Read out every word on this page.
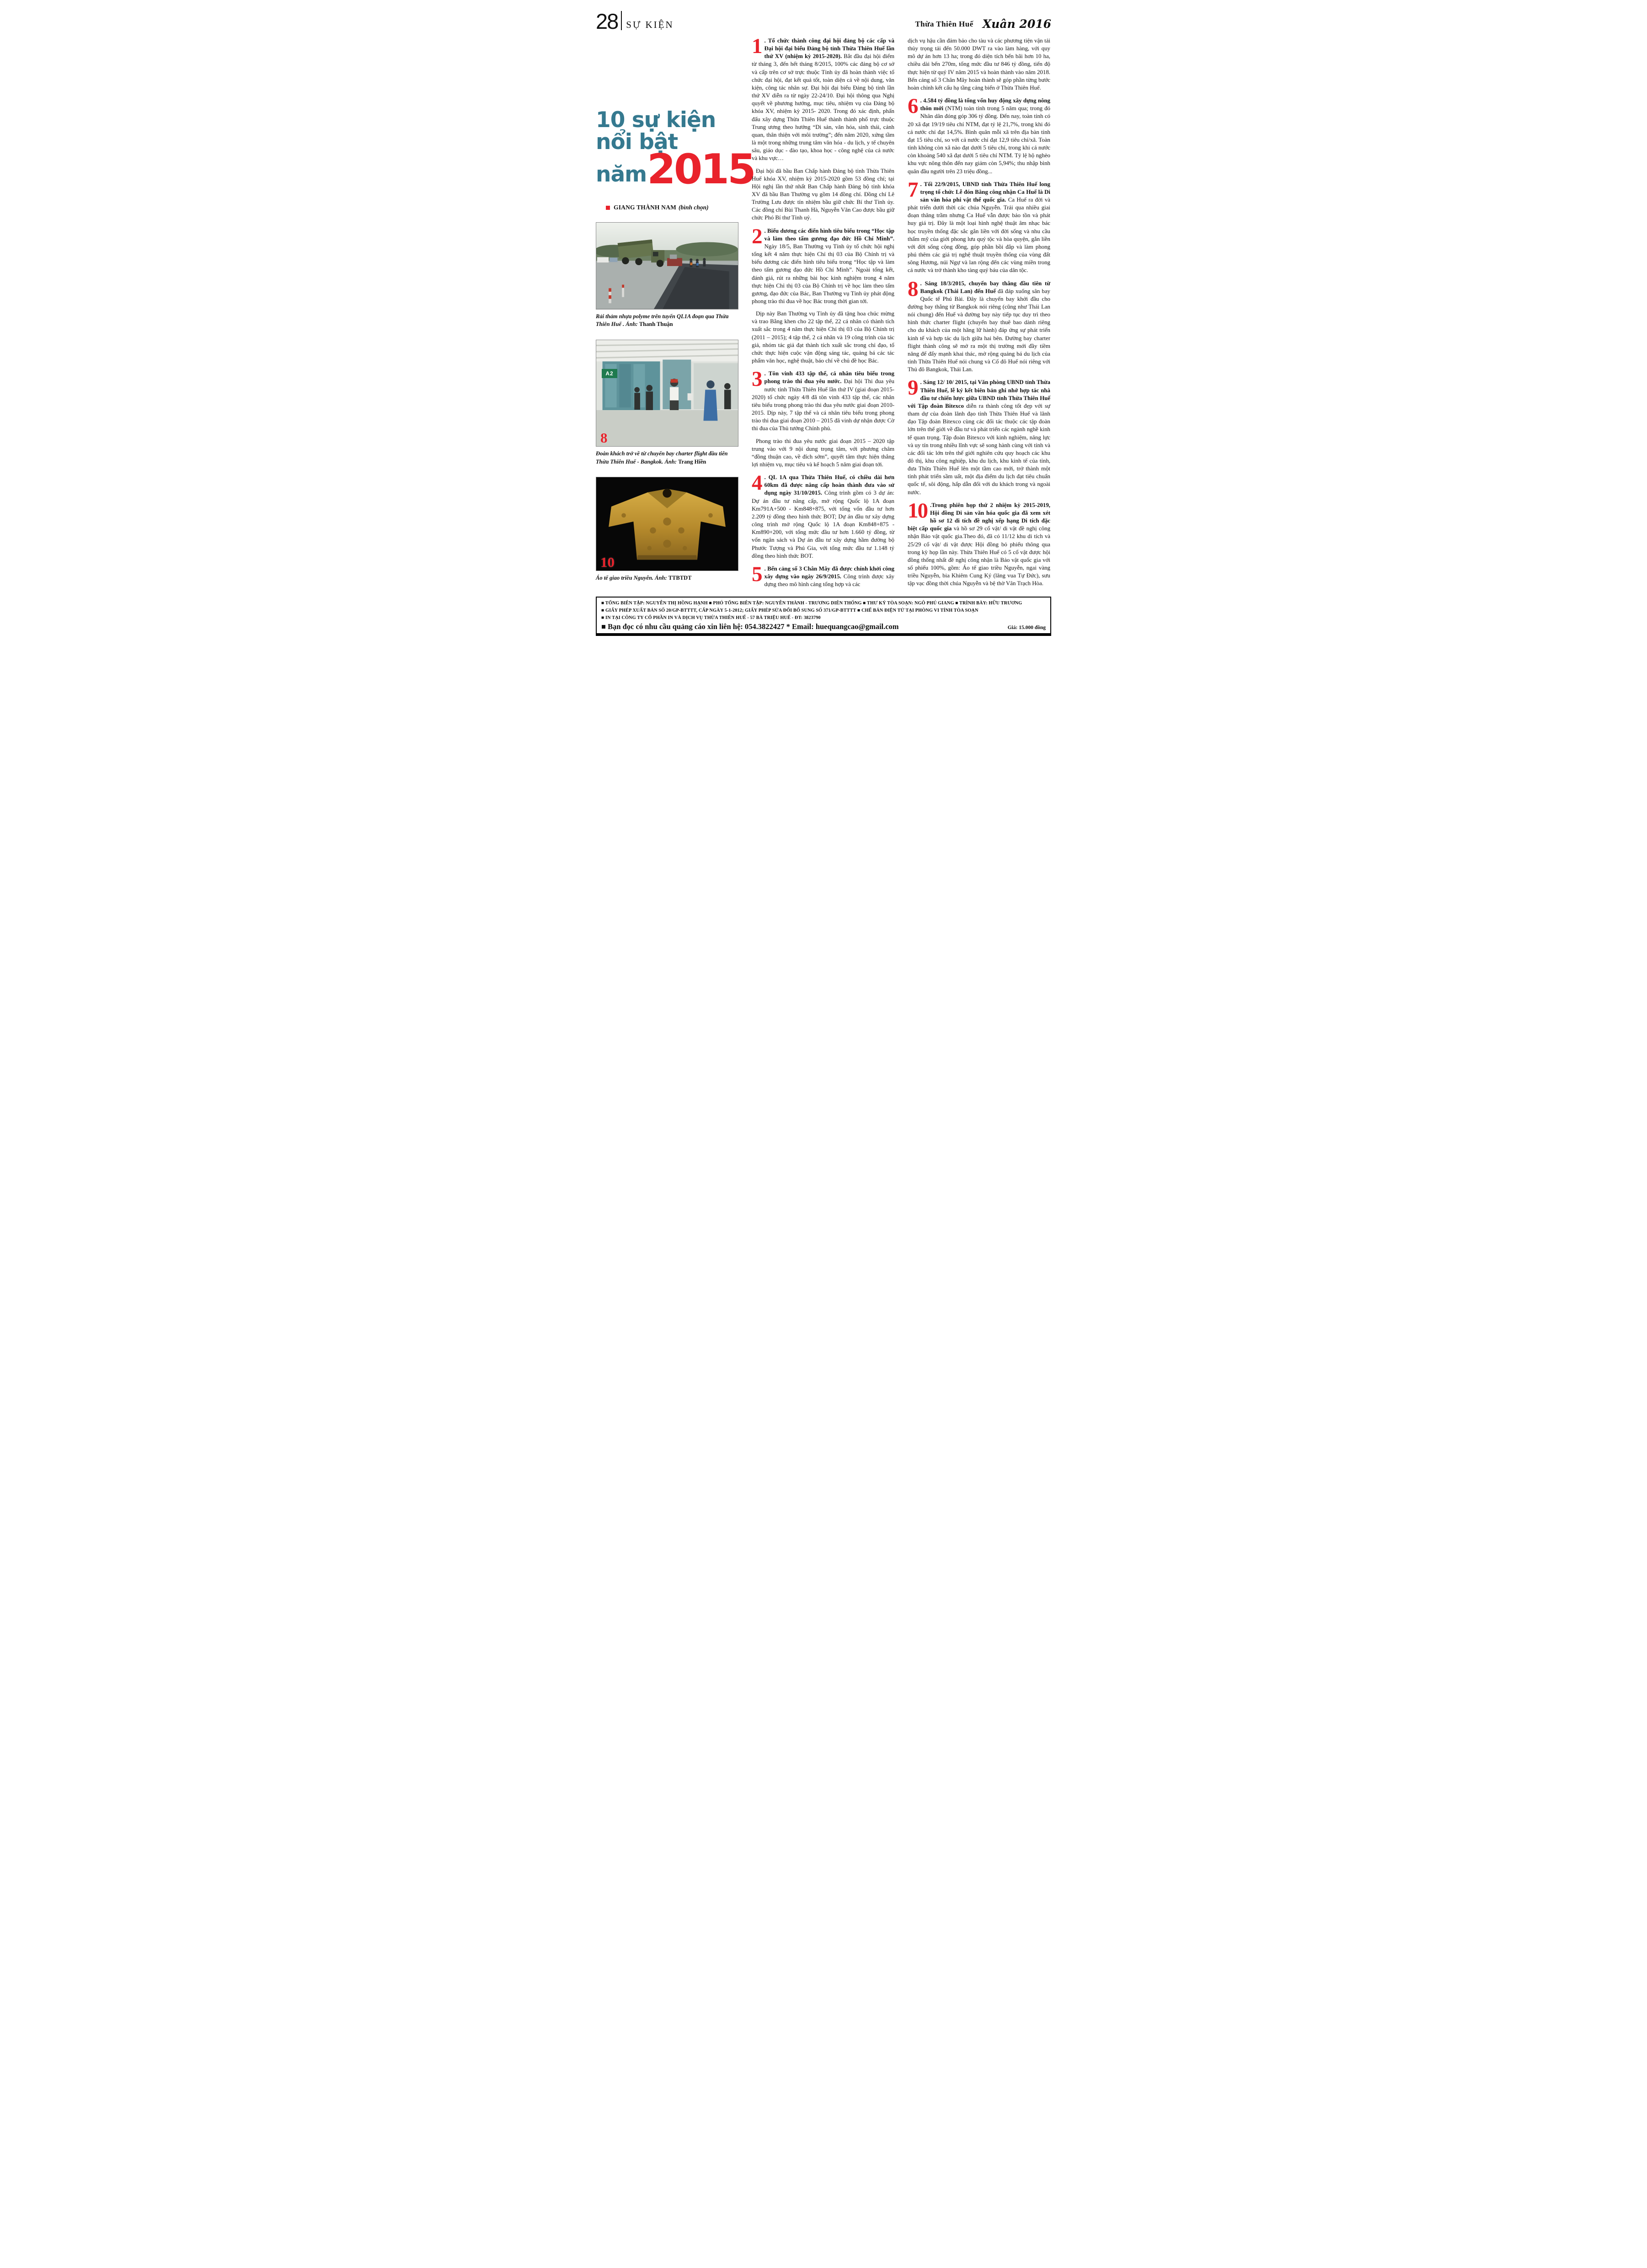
28 SỰ KIỆN	Thừa Thiên Huế Xuân 2016
10 sự kiện
nổi bật
năm 2015
GIANG THÀNH NAM (bình chọn)
Rải thảm nhựa polyme trên tuyến QL1A đoạn qua Thừa Thiên Huế . Ảnh: Thanh Thuận
A2
8
Đoàn khách trở về từ chuyến bay charter flight đầu tiên Thừa Thiên Huế - Bangkok. Ảnh: Trang Hiền
10
Áo tế giao triều Nguyễn. Ảnh: TTBTDT

1 . Tổ chức thành công đại hội đảng bộ các cấp và Đại hội đại biểu Đảng bộ tỉnh Thừa Thiên Huế lần thứ XV (nhiệm kỳ 2015-2020). Bắt đầu đại hội điểm từ tháng 3, đến hết tháng 8/2015, 100% các đảng bộ cơ sở và cấp trên cơ sở trực thuộc Tỉnh ủy đã hoàn thành việc tổ chức đại hội, đạt kết quả tốt, toàn diện cả về nội dung, văn kiện, công tác nhân sự. Đại hội đại biểu Đảng bộ tỉnh lần thứ XV diễn ra từ ngày 22-24/10. Đại hội thông qua Nghị quyết về phương hướng, mục tiêu, nhiệm vụ của Đảng bộ khóa XV, nhiệm kỳ 2015- 2020. Trong đó xác định, phấn đấu xây dựng Thừa Thiên Huế thành thành phố trực thuộc Trung ương theo hướng “Di sản, văn hóa, sinh thái, cảnh quan, thân thiện với môi trường”; đến năm 2020, xứng tầm là một trong những trung tâm văn hóa - du lịch, y tế chuyên sâu, giáo dục - đào tạo, khoa học - công nghệ của cả nước và khu vực…

Đại hội đã bầu Ban Chấp hành Đảng bộ tỉnh Thừa Thiên Huế khóa XV, nhiệm kỳ 2015-2020 gồm 53 đồng chí; tại Hội nghị lần thứ nhất Ban Chấp hành Đảng bộ tỉnh khóa XV đã bầu Ban Thường vụ gồm 14 đồng chí. Đồng chí Lê Trường Lưu được tín nhiệm bầu giữ chức Bí thư Tỉnh ủy. Các đồng chí Bùi Thanh Hà, Nguyễn Văn Cao được bầu giữ chức Phó Bí thư Tỉnh uỷ.

2 . Biểu dương các điển hình tiêu biểu trong “Học tập và làm theo tấm gương đạo đức Hồ Chí Minh”. Ngày 18/5, Ban Thường vụ Tỉnh ủy tổ chức hội nghị tổng kết 4 năm thực hiện Chỉ thị 03 của Bộ Chính trị và biểu dương các điển hình tiêu biểu trong “Học tập và làm theo tấm gương đạo đức Hồ Chí Minh”. Ngoài tổng kết, đánh giá, rút ra những bài học kinh nghiệm trong 4 năm thực hiện Chỉ thị 03 của Bộ Chính trị về học làm theo tấm gương, đạo đức của Bác, Ban Thường vụ Tỉnh ủy phát động phong trào thi đua về học Bác trong thời gian tới.

Dịp này Ban Thường vụ Tỉnh ủy đã tặng hoa chúc mừng và trao Bằng khen cho 22 tập thể, 22 cá nhân có thành tích xuất sắc trong 4 năm thực hiện Chỉ thị 03 của Bộ Chính trị (2011 – 2015); 4 tập thể, 2 cá nhân và 19 công trình của tác giả, nhóm tác giả đạt thành tích xuất sắc trong chỉ đạo, tổ chức thực hiện cuộc vận động sáng tác, quảng bá các tác phẩm văn học, nghệ thuật, báo chí về chủ đề học Bác.

3 . Tôn vinh 433 tập thể, cá nhân tiêu biểu trong phong trào thi đua yêu nước. Đại hội Thi đua yêu nước tỉnh Thừa Thiên Huế lần thứ IV (giai đoạn 2015-2020) tổ chức ngày 4/8 đã tôn vinh 433 tập thể, các nhân tiêu biểu trong phong trào thi đua yêu nước giai đoạn 2010-2015. Dịp này, 7 tập thể và cá nhân tiêu biểu trong phong trào thi đua giai đoạn 2010 – 2015 đã vinh dự nhận được Cờ thi đua của Thủ tướng Chính phủ.

Phong trào thi đua yêu nước giai đoạn 2015 – 2020 tập trung vào với 9 nội dung trọng tâm, với phương châm “đồng thuận cao, về đích sớm”, quyết tâm thực hiện thắng lợi nhiệm vụ, mục tiêu và kế hoạch 5 năm giai đoạn tới.

4 . QL 1A qua Thừa Thiên Huế, có chiều dài hơn 60km đã được nâng cấp hoàn thành đưa vào sử dụng ngày 31/10/2015. Công trình gồm có 3 dự án: Dự án đầu tư nâng cấp, mở rộng Quốc lộ 1A đoạn Km791A+500 - Km848+875, với tổng vốn đầu tư hơn 2.209 tỷ đồng theo hình thức BOT; Dự án đầu tư xây dựng công trình mở rộng Quốc lộ 1A đoạn Km848+875 - Km890+200, với tổng mức đầu tư hơn 1.660 tỷ đồng, từ vốn ngân sách và Dự án đầu tư xây dựng hầm đường bộ Phước Tượng và Phú Gia, với tổng mức đầu tư 1.148 tỷ đồng theo hình thức BOT.

5 . Bến cảng số 3 Chân Mây đã được chính khởi công xây dựng vào ngày 26/9/2015. Công trình được xây dựng theo mô hình cảng tổng hợp và các

dịch vụ hậu cần đảm bảo cho tàu và các phương tiện vận tải thủy trọng tải đến 50.000 DWT ra vào làm hàng, với quy mô dự án hơn 13 ha; trong đó diện tích bến bãi hơn 10 ha, chiều dài bến 270m, tổng mức đầu tư 846 tỷ đồng, tiến độ thực hiện từ quý IV năm 2015 và hoàn thành vào năm 2018. Bến cảng số 3 Chân Mây hoàn thành sẽ góp phần từng bước hoàn chỉnh kết cấu hạ tầng cảng biển ở Thừa Thiên Huế.

6 . 4.584 tỷ đồng là tổng vốn huy động xây dựng nông thôn mới (NTM) toàn tỉnh trong 5 năm qua; trong đó Nhân dân đóng góp 306 tỷ đồng. Đến nay, toàn tỉnh có 20 xã đạt 19/19 tiêu chí NTM, đạt tỷ lệ 21,7%, trong khi đó cả nước chỉ đạt 14,5%. Bình quân mỗi xã trên địa bàn tỉnh đạt 15 tiêu chí, so với cả nước chỉ đạt 12,9 tiêu chí/xã. Toàn tỉnh không còn xã nào đạt dưới 5 tiêu chí, trong khi cả nước còn khoảng 540 xã đạt dưới 5 tiêu chí NTM. Tỷ lệ hộ nghèo khu vực nông thôn đến nay giảm còn 5,94%; thu nhập bình quân đầu người trên 23 triệu đồng...

7 . Tối 22/9/2015, UBND tỉnh Thừa Thiên Huế long trọng tổ chức Lễ đón Bằng công nhận Ca Huế là Di sản văn hóa phi vật thể quốc gia. Ca Huế ra đời và phát triển dưới thời các chúa Nguyễn. Trải qua nhiều giai đoạn thăng trầm nhưng Ca Huế vẫn được bảo tồn và phát huy giá trị. Đây là một loại hình nghệ thuật âm nhạc bác học truyền thống đặc sắc gắn liền với đời sống và nhu cầu thẩm mỹ của giới phong lưu quý tộc và hòa quyện, gắn liền với đời sống cộng đồng, góp phần bồi đắp và làm phong phú thêm các giá trị nghệ thuật truyền thống của vùng đất sông Hương, núi Ngự và lan rộng đến các vùng miền trong cả nước và trở thành kho tàng quý báu của dân tộc.

8 . Sáng 18/3/2015, chuyến bay thẳng đầu tiên từ Bangkok (Thái Lan) đến Huế đã đáp xuống sân bay Quốc tế Phú Bài. Đây là chuyến bay khởi đầu cho đường bay thẳng từ Bangkok nói riêng (cũng như Thái Lan nói chung) đến Huế và đường bay này tiếp tục duy trì theo hình thức charter flight (chuyến bay thuê bao dành riêng cho du khách của một hãng lữ hành) đáp ứng sự phát triển kinh tế và hợp tác du lịch giữa hai bên. Đường bay charter flight thành công sẽ mở ra một thị trường mới đầy tiềm năng để đẩy mạnh khai thác, mở rộng quảng bá du lịch của tỉnh Thừa Thiên Huế nói chung và Cố đô Huế nói riêng với Thủ đô Bangkok, Thái Lan.

9 . Sáng 12/ 10/ 2015, tại Văn phòng UBND tỉnh Thừa Thiên Huế, lễ ký kết biên bản ghi nhớ hợp tác nhà đầu tư chiến lược giữa UBND tỉnh Thừa Thiên Huế với Tập đoàn Bitexco diễn ra thành công tốt đẹp với sự tham dự của đoàn lãnh đạo tỉnh Thừa Thiên Huế và lãnh đạo Tập đoàn Bitexco cùng các đối tác thuộc các tập đoàn lớn trên thế giới về đầu tư và phát triển các ngành nghề kinh tế quan trọng. Tập đoàn Bitexco với kinh nghiệm, năng lực và uy tín trong nhiều lĩnh vực sẽ song hành cùng với tỉnh và các đối tác lớn trên thế giới nghiên cứu quy hoạch các khu đô thị, khu công nghiệp, khu du lịch, khu kinh tế của tỉnh, đưa Thừa Thiên Huế lên một tầm cao mới, trở thành một tỉnh phát triển sầm uất, một địa điểm du lịch đạt tiêu chuẩn quốc tế, sôi động, hấp dẫn đối với du khách trong và ngoài nước.

10 .Trong phiên họp thứ 2 nhiệm kỳ 2015-2019, Hội đồng Di sản văn hóa quốc gia đã xem xét hồ sơ 12 di tích đề nghị xếp hạng Di tích đặc biệt cấp quốc gia và hồ sơ 29 cổ vật/ di vật đề nghị công nhận Bảo vật quốc gia.Theo đó, đã có 11/12 khu di tích và 25/29 cổ vật/ di vật được Hội đồng bỏ phiếu thông qua trong kỳ họp lần này. Thừa Thiên Huế có 5 cổ vật được hội đồng thống nhất đề nghị công nhận là Bảo vật quốc gia với số phiếu 100%, gồm: Áo tế giao triều Nguyễn, ngai vàng triều Nguyễn, bia Khiêm Cung Ký (lăng vua Tự Đức), sưu tập vạc đồng thời chúa Nguyễn và bệ thờ Vân Trạch Hòa.

■ TỔNG BIÊN TẬP: NGUYỄN THỊ HỒNG HẠNH ■ PHÓ TỔNG BIÊN TẬP: NGUYỄN THÀNH - TRƯƠNG DIÊN THỐNG ■ THƯ KÝ TÒA SOẠN: NGÔ PHÚ GIANG ■ TRÌNH BÀY: HỮU TRƯƠNG
■ GIẤY PHÉP XUẤT BẢN SỐ 20/GP-BTTTT, CẤP NGÀY 5-1-2012; GIẤY PHÉP SỬA ĐỔI BỔ SUNG SỐ 371/GP-BTTTT ■ CHẾ BẢN ĐIỆN TỬ TẠI PHÒNG VI TÍNH TÒA SOẠN
■ IN TẠI CÔNG TY CỔ PHẦN IN VÀ DỊCH VỤ THỪA THIÊN HUẾ - 57 BÀ TRIỆU HUẾ - ĐT: 3823790
■ Bạn đọc có nhu cầu quảng cáo xin liên hệ: 054.3822427 * Email: huequangcao@gmail.com	Giá: 15.000 đồng
